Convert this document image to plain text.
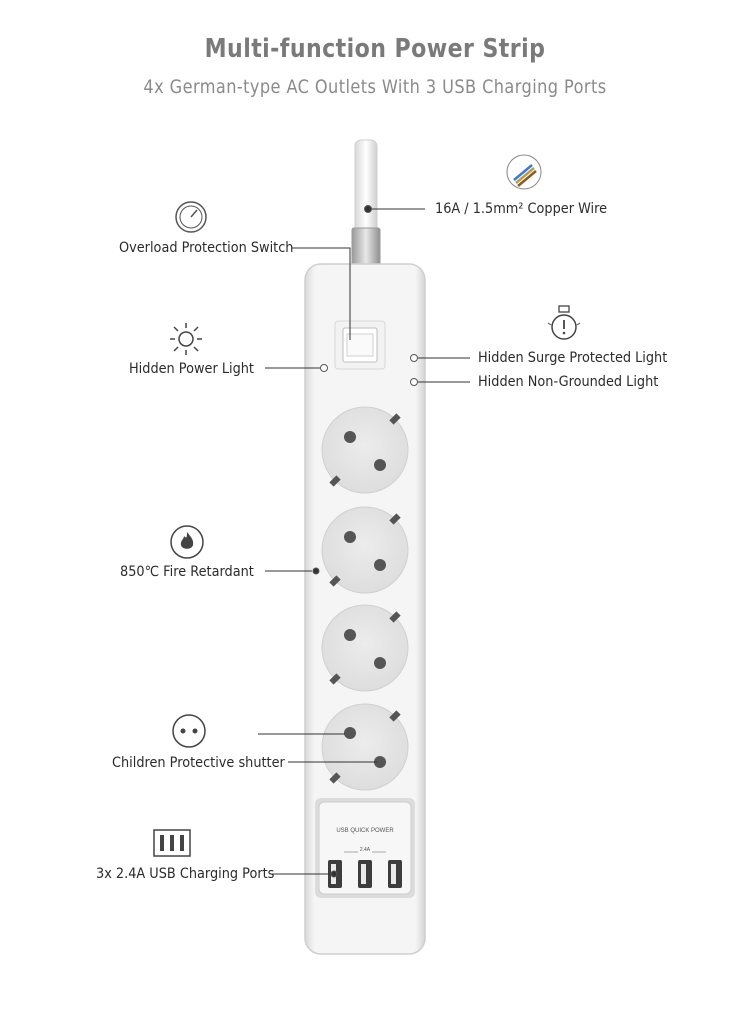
Multi-function Power Strip
4x German-type AC Outlets With 3 USB Charging Ports
USB QUICK POWER
2.4A
16A / 1.5mm² Copper Wire
Overload Protection Switch
Hidden Power Light
Hidden Surge Protected Light
Hidden Non-Grounded Light
850℃ Fire Retardant
Children Protective shutter
3x 2.4A USB Charging Ports
